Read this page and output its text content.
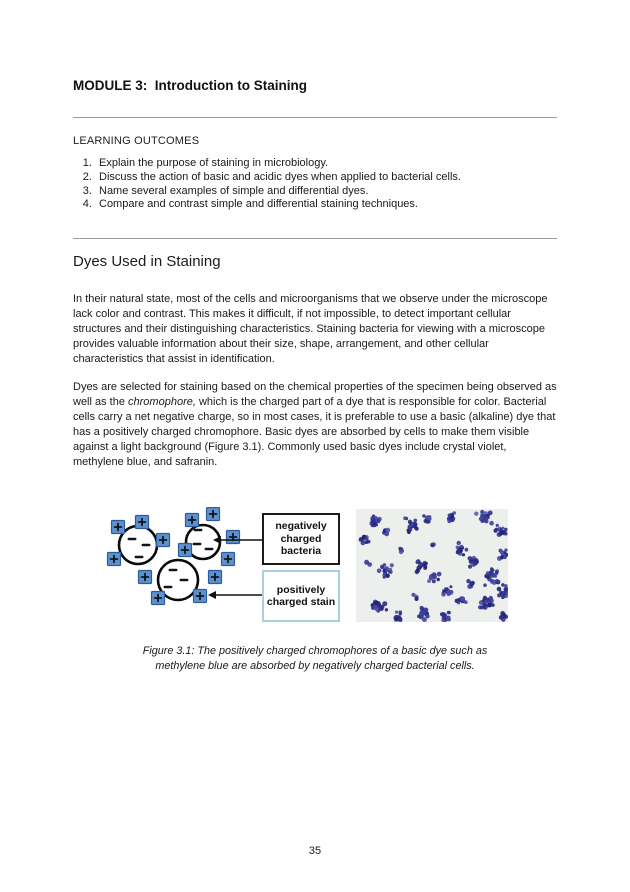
MODULE 3:  Introduction to Staining
LEARNING OUTCOMES
1. Explain the purpose of staining in microbiology.
2. Discuss the action of basic and acidic dyes when applied to bacterial cells.
3. Name several examples of simple and differential dyes.
4. Compare and contrast simple and differential staining techniques.
Dyes Used in Staining

In their natural state, most of the cells and microorganisms that we observe under the microscope lack color and contrast. This makes it difficult, if not impossible, to detect important cellular structures and their distinguishing characteristics. Staining bacteria for viewing with a microscope provides valuable information about their size, shape, arrangement, and other cellular characteristics that assist in identification.

Dyes are selected for staining based on the chemical properties of the specimen being observed as well as the chromophore, which is the charged part of a dye that is responsible for color. Bacterial cells carry a net negative charge, so in most cases, it is preferable to use a basic (alkaline) dye that has a positively charged chromophore. Basic dyes are absorbed by cells to make them visible against a light background (Figure 3.1). Commonly used basic dyes include crystal violet, methylene blue, and safranin.

negatively charged bacteria
positively charged stain
Figure 3.1: The positively charged chromophores of a basic dye such as
methylene blue are absorbed by negatively charged bacterial cells.
35
